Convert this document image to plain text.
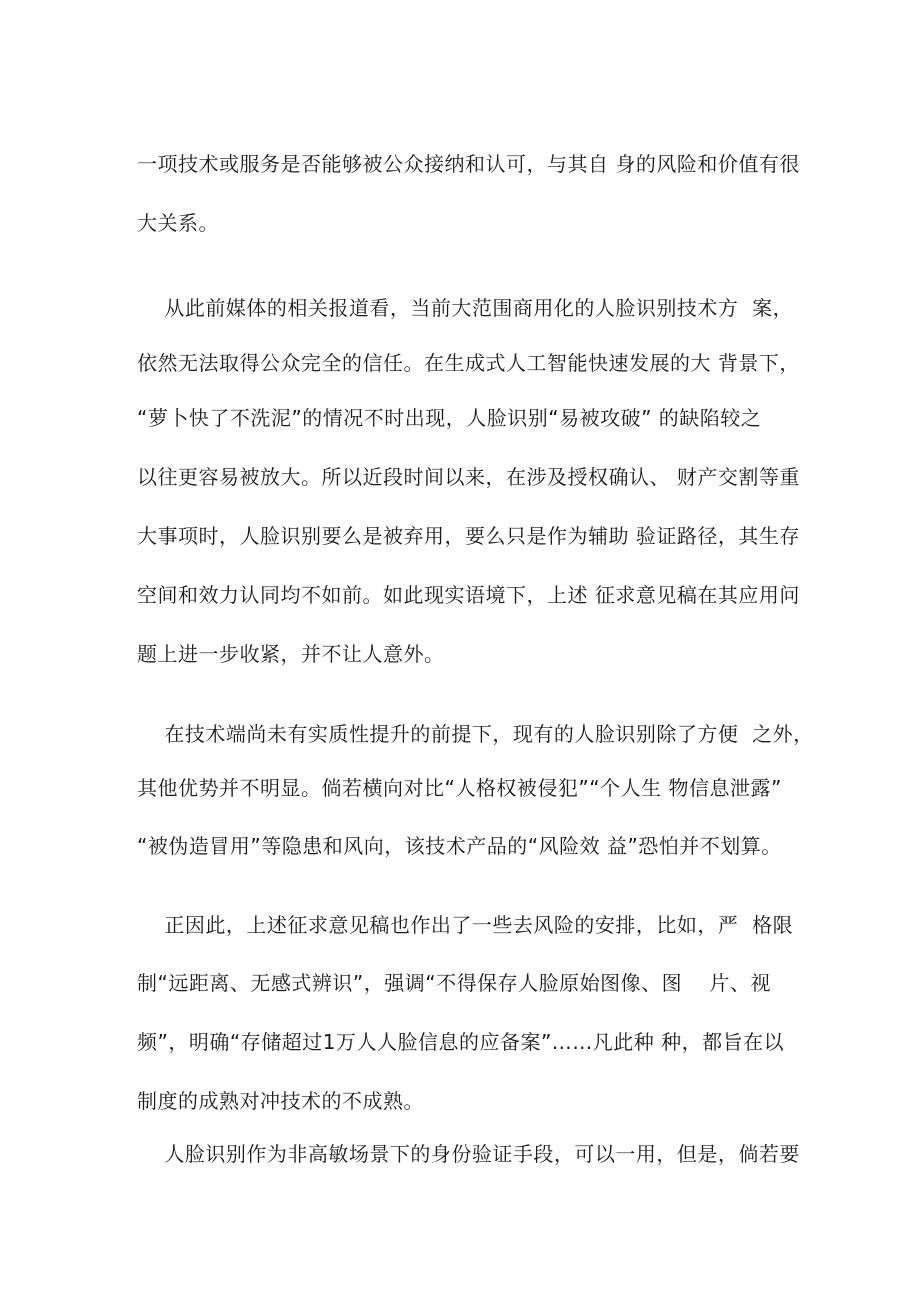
一项技术或服务是否能够被公众接纳和认可，与其自 身的风险和价值有很
大关系。
从此前媒体的相关报道看，当前大范围商用化的人脸识别技术方  案，
依然无法取得公众完全的信任。在生成式人工智能快速发展的大 背景下，
“萝卜快了不洗泥”的情况不时出现，人脸识别“易被攻破” 的缺陷较之
以往更容易被放大。所以近段时间以来，在涉及授权确认、 财产交割等重
大事项时，人脸识别要么是被弃用，要么只是作为辅助 验证路径，其生存
空间和效力认同均不如前。如此现实语境下，上述 征求意见稿在其应用问
题上进一步收紧，并不让人意外。
在技术端尚未有实质性提升的前提下，现有的人脸识别除了方便  之外，
其他优势并不明显。倘若横向对比“人格权被侵犯”“个人生 物信息泄露”
“被伪造冒用”等隐患和风向，该技术产品的“风险效 益”恐怕并不划算。
正因此，上述征求意见稿也作出了一些去风险的安排，比如，严  格限
制“远距离、无感式辨识”，强调“不得保存人脸原始图像、图    片、视
频”，明确“存储超过1万人人脸信息的应备案”……凡此种 种，都旨在以
制度的成熟对冲技术的不成熟。
人脸识别作为非高敏场景下的身份验证手段，可以一用，但是，倘若要
